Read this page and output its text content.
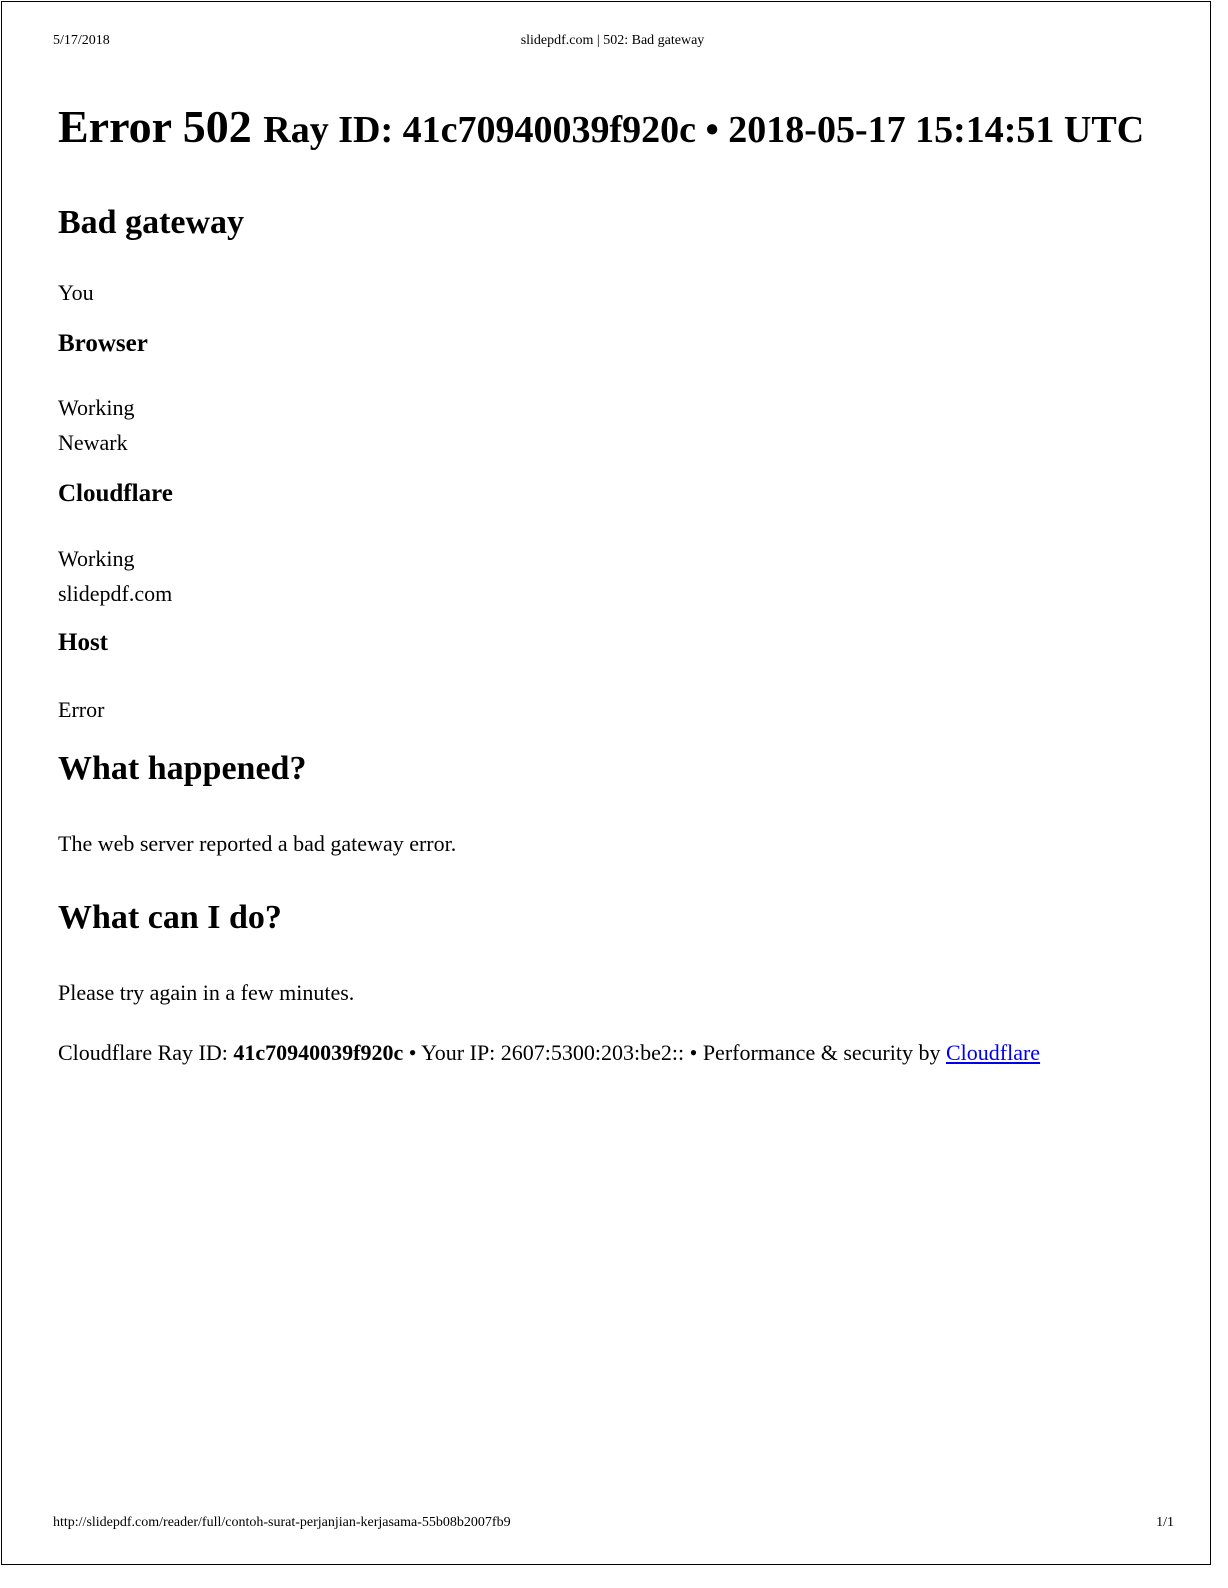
5/17/2018	slidepdf.com | 502: Bad gateway
Error 502 Ray ID: 41c70940039f920c • 2018-05-17 15:14:51 UTC
Bad gateway

You

Browser

Working

Newark

Cloudflare

Working

slidepdf.com

Host

Error

What happened?

The web server reported a bad gateway error.

What can I do?

Please try again in a few minutes.

Cloudflare Ray ID: 41c70940039f920c • Your IP: 2607:5300:203:be2:: • Performance & security by Cloudflare

http://slidepdf.com/reader/full/contoh-surat-perjanjian-kerjasama-55b08b2007fb9	1/1
